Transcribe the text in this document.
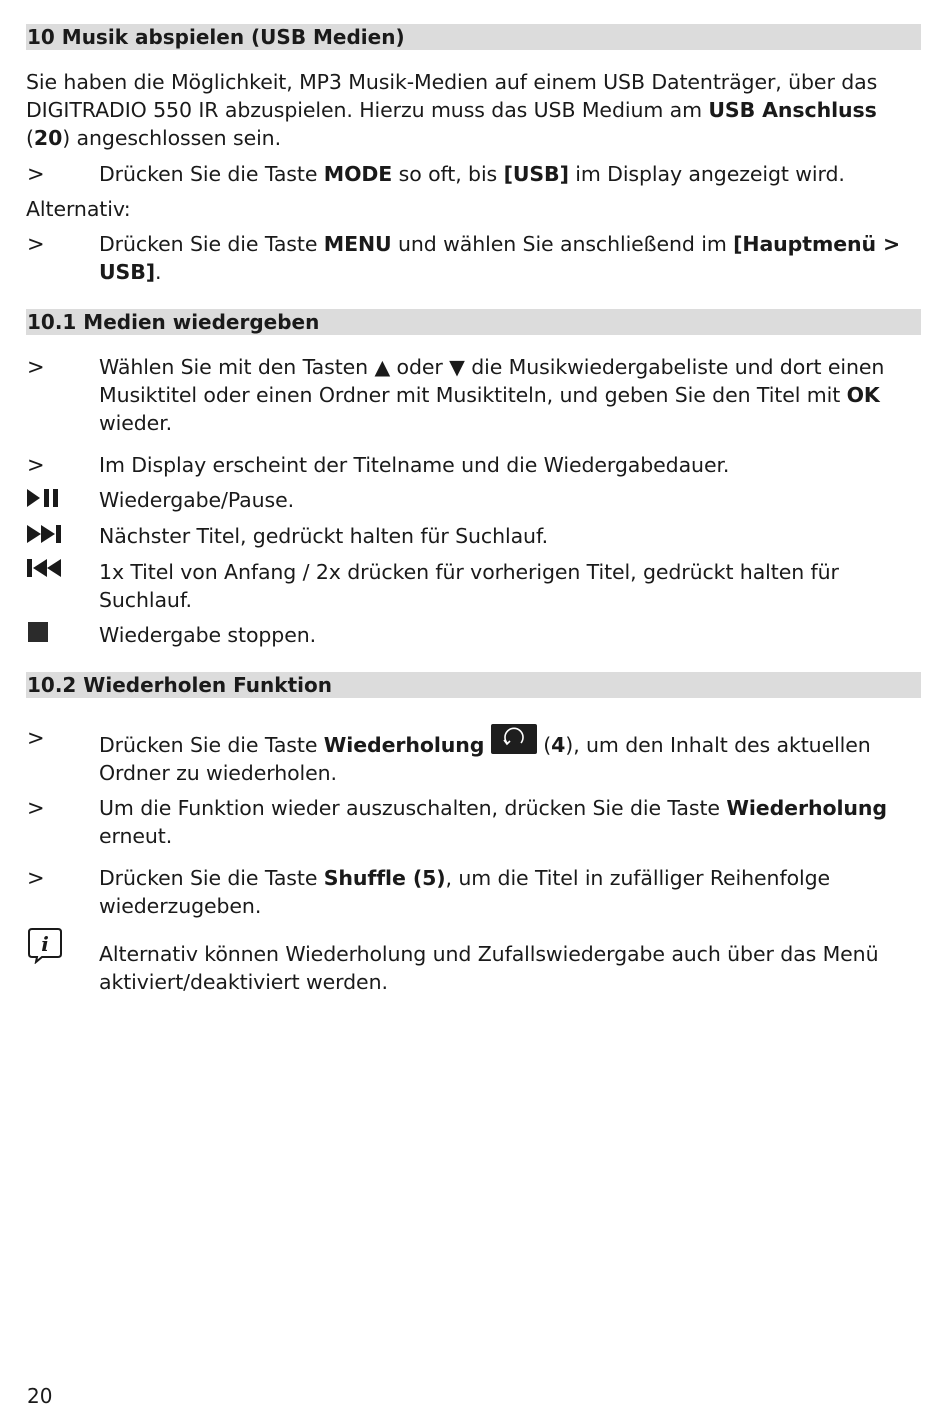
10 Musik abspielen (USB Medien)
Sie haben die Möglichkeit, MP3 Musik-Medien auf einem USB Datenträger, über das DIGITRADIO 550 IR abzuspielen. Hierzu muss das USB Medium am USB Anschluss (20) angeschlossen sein.
>	Drücken Sie die Taste MODE so oft, bis [USB] im Display angezeigt wird.
Alternativ:
>	Drücken Sie die Taste MENU und wählen Sie anschließend im [Hauptmenü > USB].
10.1 Medien wiedergeben
>	Wählen Sie mit den Tasten ▲ oder ▼ die Musikwiedergabeliste und dort einen Musiktitel oder einen Ordner mit Musiktiteln, und geben Sie den Titel mit OK wieder.
>	Im Display erscheint der Titelname und die Wiedergabedauer.
Wiedergabe/Pause.
Nächster Titel, gedrückt halten für Suchlauf.
1x Titel von Anfang / 2x drücken für vorherigen Titel, gedrückt halten für Suchlauf.
Wiedergabe stoppen.
10.2 Wiederholen Funktion
>	Drücken Sie die Taste Wiederholung	(4), um den Inhalt des aktuellen Ordner zu wiederholen.
>	Um die Funktion wieder auszuschalten, drücken Sie die Taste Wiederholung erneut.
>	Drücken Sie die Taste Shuffle (5), um die Titel in zufälliger Reihenfolge wiederzugeben.
i Alternativ können Wiederholung und Zufallswiedergabe auch über das Menü aktiviert/deaktiviert werden.
20
